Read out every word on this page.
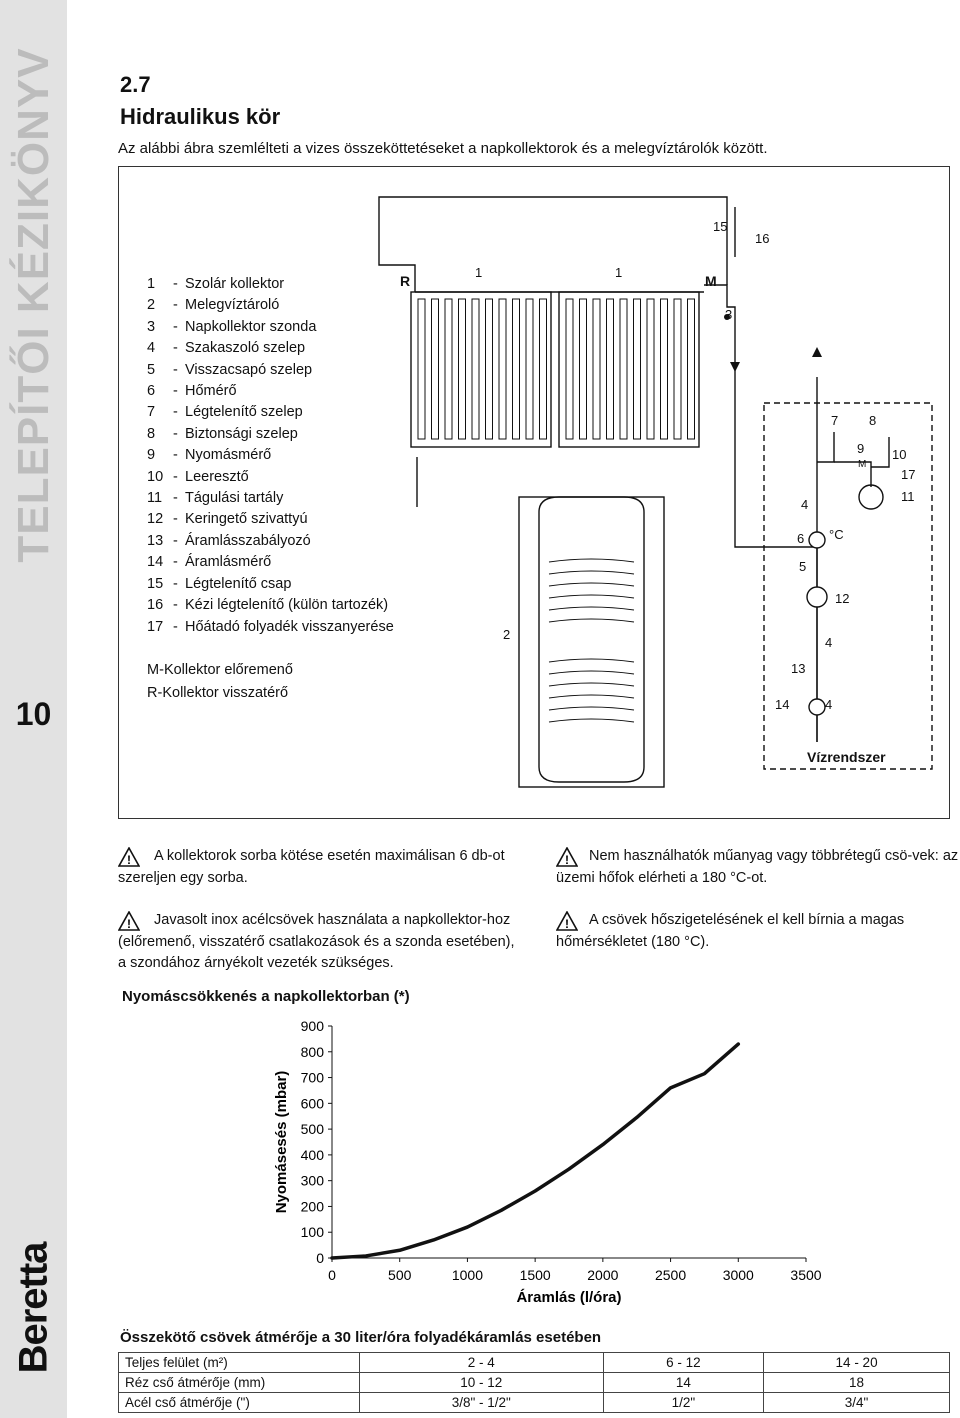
TELEPÍTŐI KÉZIKÖNYV
10
Beretta
2.7
Hidraulikus kör
Az alábbi ábra szemlélteti a vizes összeköttetéseket a napkollektorok és a melegvíztárolók között.
1 - Szolár kollektor
2 - Melegvíztároló
3 - Napkollektor szonda
4 - Szakaszoló szelep
5 - Visszacsapó szelep
6 - Hőmérő
7 - Légtelenítő szelep
8 - Biztonsági szelep
9 - Nyomásmérő
10 - Leeresztő
11 - Tágulási tartály
12 - Keringető szivattyú
13 - Áramlásszabályozó
14 - Áramlásmérő
15 - Légtelenítő csap
16 - Kézi légtelenítő (külön tartozék)
17 - Hőátadó folyadék visszanyerése
M-Kollektor előremenő
R-Kollektor visszatérő
R
1	1
M
15
16
3
2
7 8
9
M
10
17
11
4
6 °C
5
12
4
13
14	4
Vízrendszer
!	A kollektorok sorba kötése esetén maximálisan 6 db-ot szereljen egy sorba.
!	Javasolt inox acélcsövek használata a napkollektor-hoz (előremenő, visszatérő csatlakozások és a szonda esetében), a szondához árnyékolt vezeték szükséges.
!	Nem használhatók műanyag vagy többrétegű csö-vek: az üzemi hőfok elérheti a 180 °C-ot.
!	A csövek hőszigetelésének el kell bírnia a magas hőmérsékletet (180 °C).
Nyomáscsökkenés a napkollektorban (*)
0
100
200
300
400
500
600
700
800
900
0	500	1000	1500	2000	2500	3000	3500
Áramlás (l/óra)
Nyomásesés (mbar)
Összekötő csövek átmérője a 30 liter/óra folyadékáramlás esetében
Teljes felület (m²)	2 - 4	6 - 12	14 - 20
Réz cső átmérője (mm)	10 - 12	14	18
Acél cső átmérője (")	3/8" - 1/2"	1/2"	3/4"
